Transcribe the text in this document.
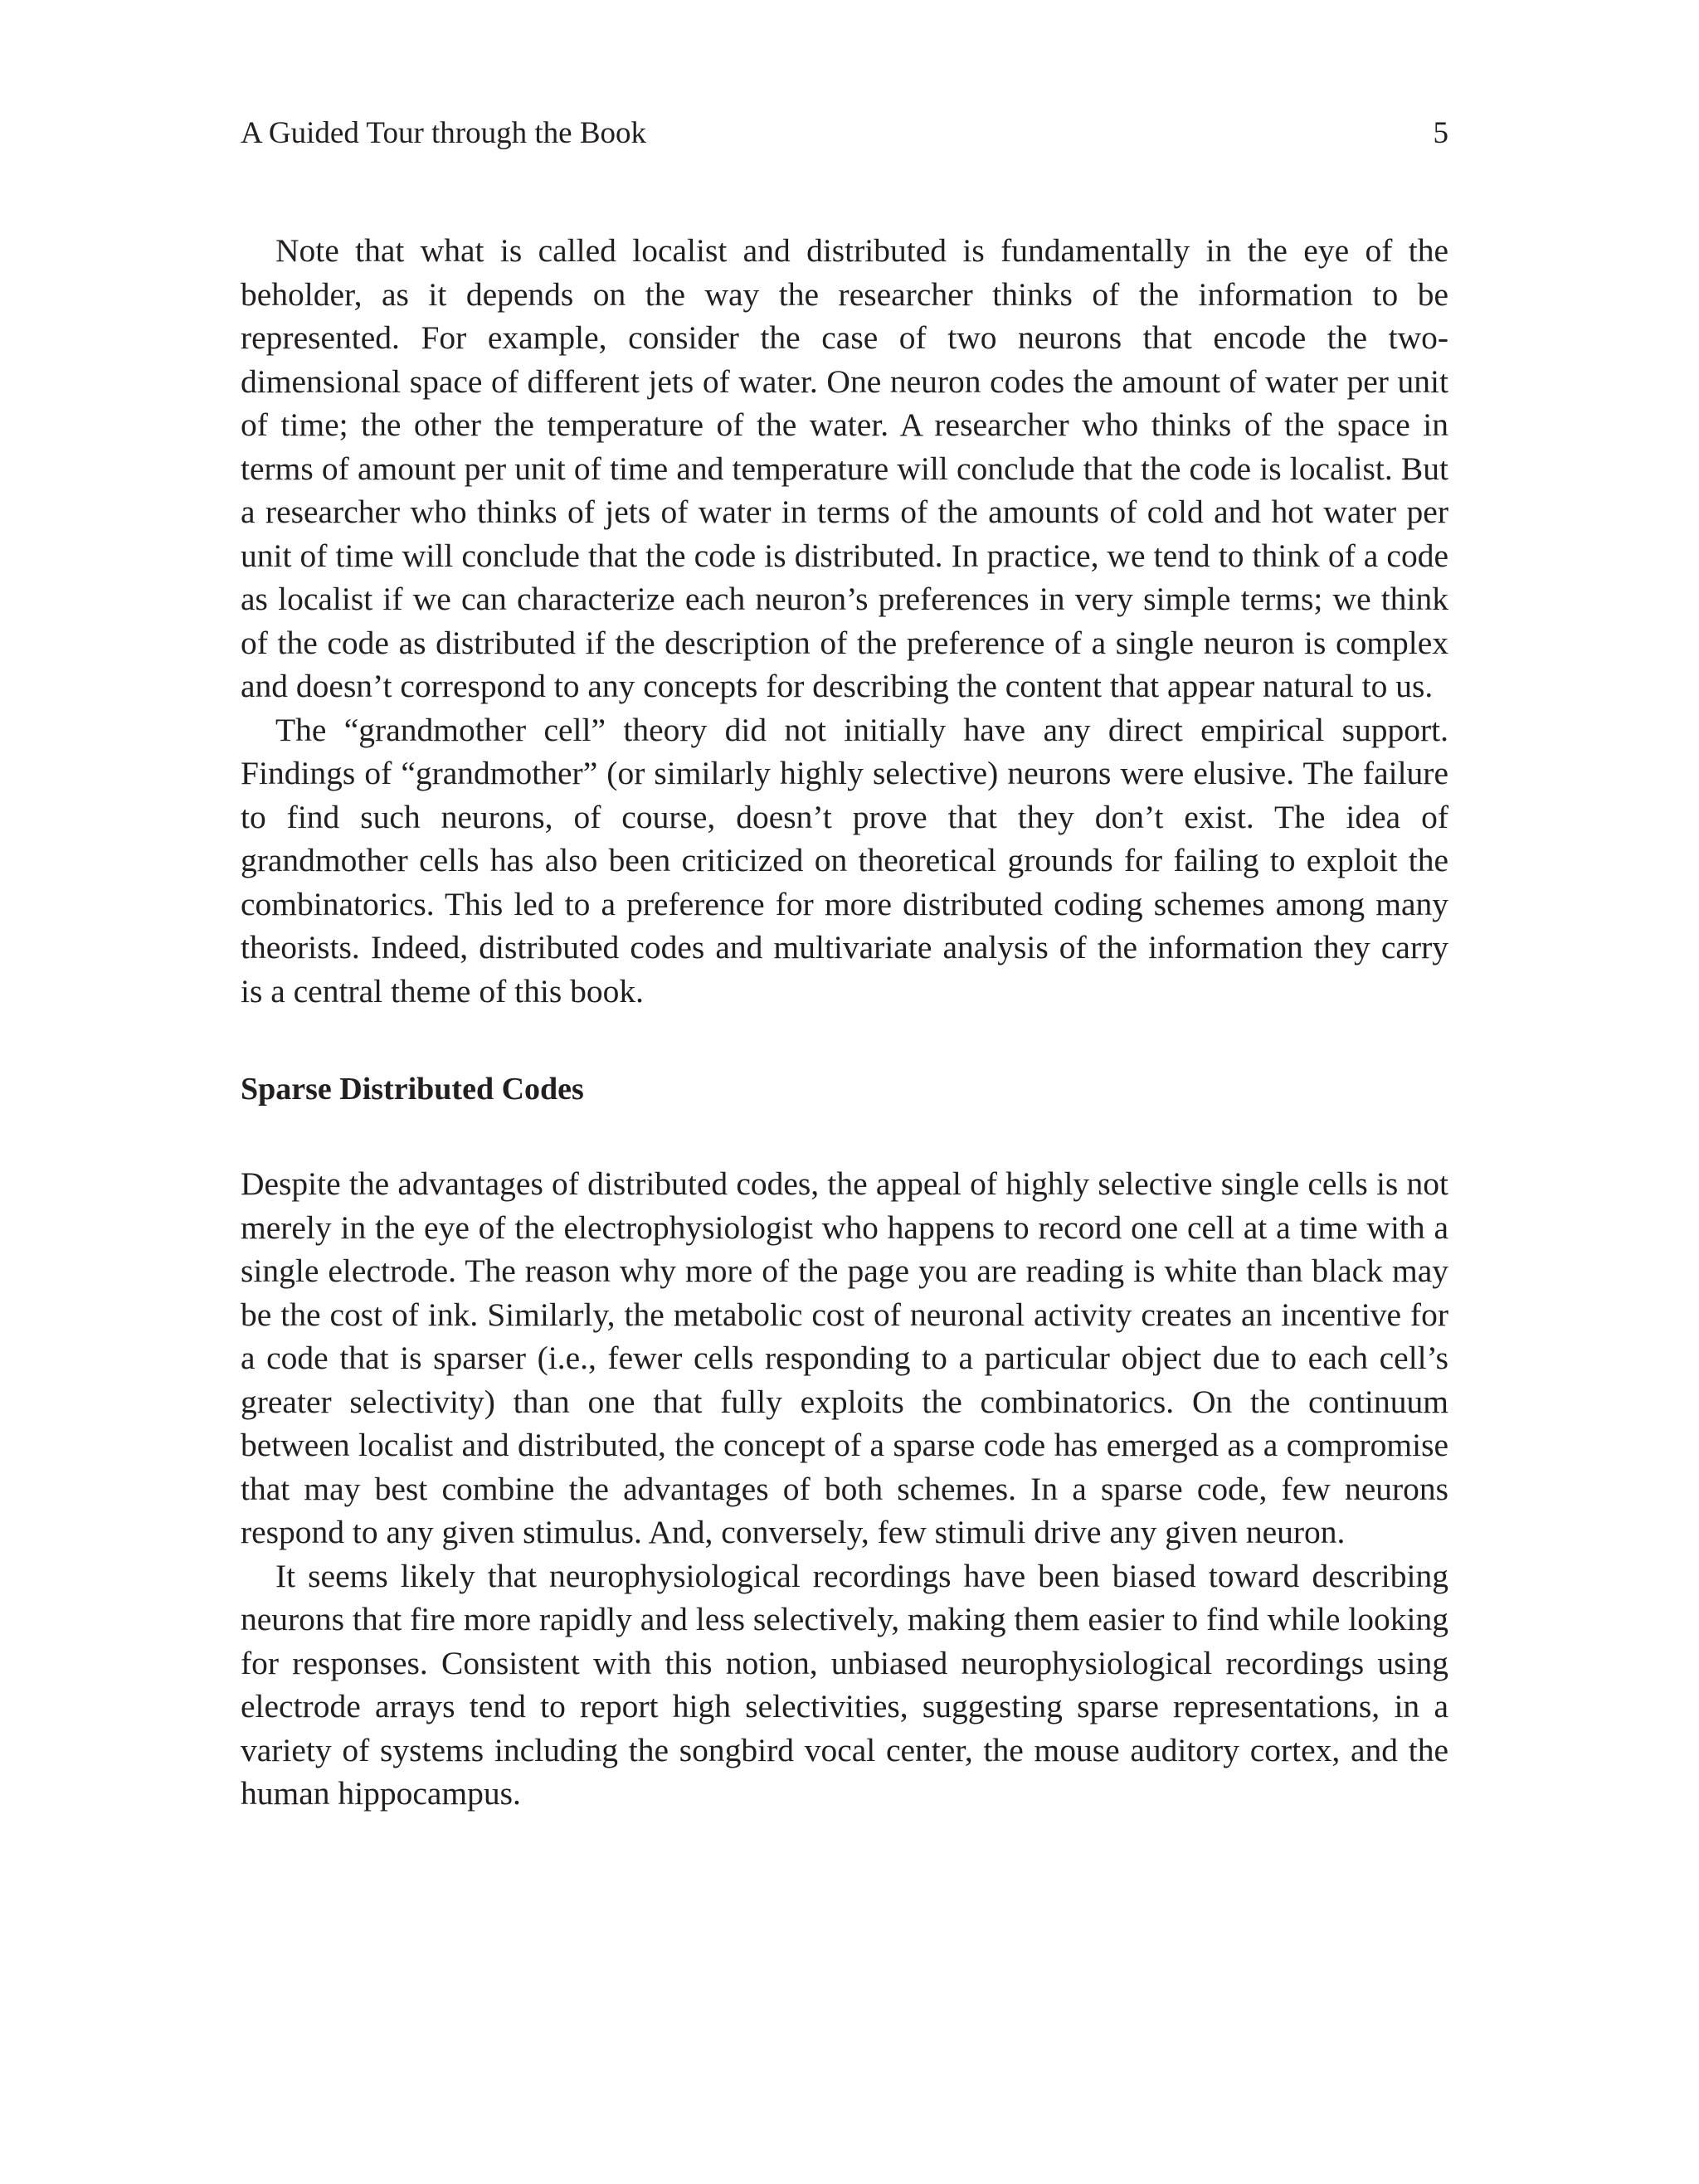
A Guided Tour through the Book	5

Note that what is called localist and distributed is fundamentally in the eye of the beholder, as it depends on the way the researcher thinks of the information to be represented. For example, consider the case of two neurons that encode the two-dimensional space of different jets of water. One neuron codes the amount of water per unit of time; the other the temperature of the water. A researcher who thinks of the space in terms of amount per unit of time and temperature will conclude that the code is localist. But a researcher who thinks of jets of water in terms of the amounts of cold and hot water per unit of time will conclude that the code is distributed. In practice, we tend to think of a code as localist if we can characterize each neuron’s preferences in very simple terms; we think of the code as distributed if the description of the preference of a single neuron is complex and doesn’t correspond to any concepts for describing the content that appear natural to us.

The “grandmother cell” theory did not initially have any direct empirical support. Findings of “grandmother” (or similarly highly selective) neurons were elusive. The failure to find such neurons, of course, doesn’t prove that they don’t exist. The idea of grandmother cells has also been criticized on theoretical grounds for failing to exploit the combinatorics. This led to a preference for more distributed coding schemes among many theorists. Indeed, distributed codes and multivariate analysis of the information they carry is a central theme of this book.

Sparse Distributed Codes

Despite the advantages of distributed codes, the appeal of highly selective single cells is not merely in the eye of the electrophysiologist who happens to record one cell at a time with a single electrode. The reason why more of the page you are reading is white than black may be the cost of ink. Similarly, the metabolic cost of neuronal activity creates an incentive for a code that is sparser (i.e., fewer cells responding to a particular object due to each cell’s greater selectivity) than one that fully exploits the combinatorics. On the continuum between localist and distributed, the concept of a sparse code has emerged as a compromise that may best combine the advantages of both schemes. In a sparse code, few neurons respond to any given stimulus. And, conversely, few stimuli drive any given neuron.

It seems likely that neurophysiological recordings have been biased toward describing neurons that fire more rapidly and less selectively, making them easier to find while looking for responses. Consistent with this notion, unbiased neurophysiological recordings using electrode arrays tend to report high selectivities, suggesting sparse representations, in a variety of systems including the songbird vocal center, the mouse auditory cortex, and the human hippocampus.
